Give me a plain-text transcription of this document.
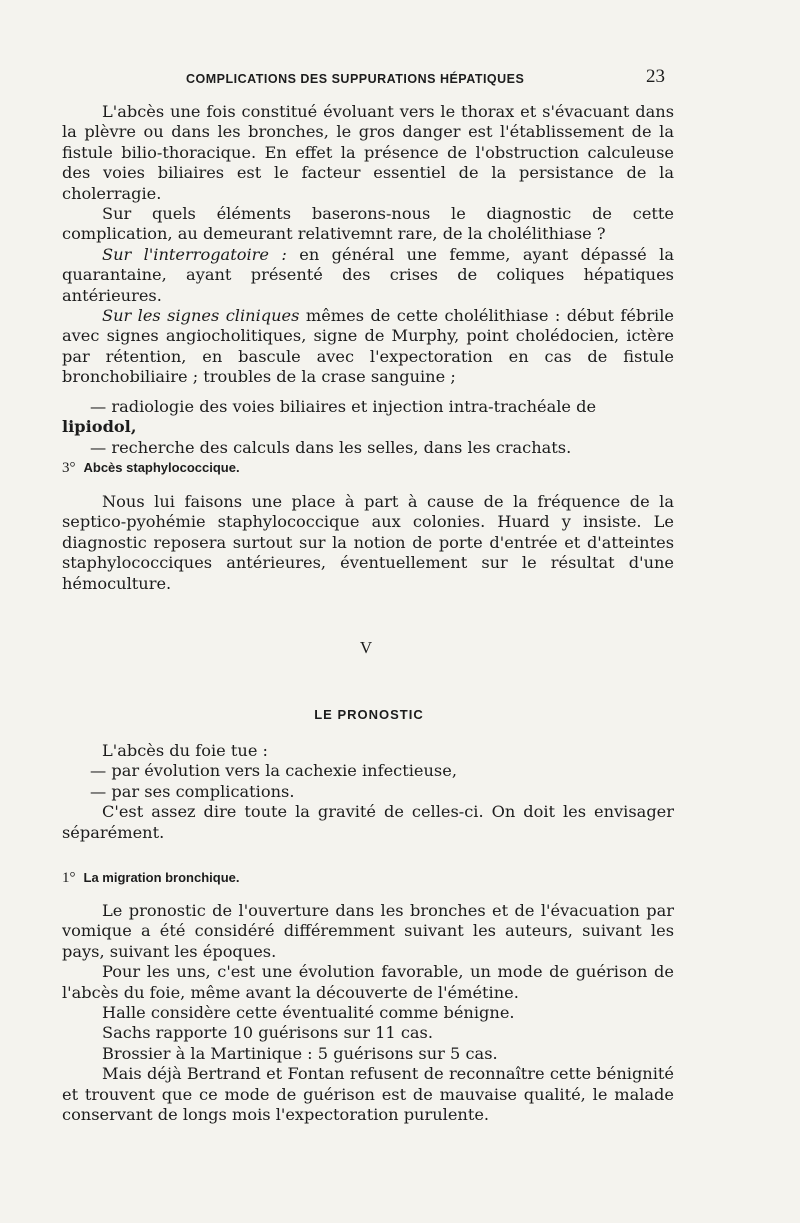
COMPLICATIONS DES SUPPURATIONS HÉPATIQUES	23

L'abcès une fois constitué évoluant vers le thorax et s'évacuant dans la plèvre ou dans les bronches, le gros danger est l'établissement de la fistule bilio-thoracique. En effet la présence de l'obstruction calculeuse des voies biliaires est le facteur essentiel de la persistance de la cholerragie.

Sur quels éléments baserons-nous le diagnostic de cette complication, au demeurant relativemnt rare, de la cholélithiase ?

Sur l'interrogatoire : en général une femme, ayant dépassé la quarantaine, ayant présenté des crises de coliques hépatiques antérieures.

Sur les signes cliniques mêmes de cette cholélithiase : début fébrile avec signes angiocholitiques, signe de Murphy, point cholédocien, ictère par rétention, en bascule avec l'expectoration en cas de fistule bronchobiliaire ; troubles de la crase sanguine ;

— radiologie des voies biliaires et injection intra-trachéale de

lipiodol,

— recherche des calculs dans les selles, dans les crachats.

3° Abcès staphylococcique.

Nous lui faisons une place à part à cause de la fréquence de la septico-pyohémie staphylococcique aux colonies. Huard y insiste. Le diagnostic reposera surtout sur la notion de porte d'entrée et d'atteintes staphylococciques antérieures, éventuellement sur le résultat d'une hémoculture.

V
LE PRONOSTIC

L'abcès du foie tue :

— par évolution vers la cachexie infectieuse,

— par ses complications.

C'est assez dire toute la gravité de celles-ci. On doit les envisager séparément.

1° La migration bronchique.

Le pronostic de l'ouverture dans les bronches et de l'évacuation par vomique a été considéré différemment suivant les auteurs, suivant les pays, suivant les époques.

Pour les uns, c'est une évolution favorable, un mode de guérison de l'abcès du foie, même avant la découverte de l'émétine.

Halle considère cette éventualité comme bénigne.

Sachs rapporte 10 guérisons sur 11 cas.

Brossier à la Martinique : 5 guérisons sur 5 cas.

Mais déjà Bertrand et Fontan refusent de reconnaître cette bénignité et trouvent que ce mode de guérison est de mauvaise qualité, le malade conservant de longs mois l'expectoration purulente.
